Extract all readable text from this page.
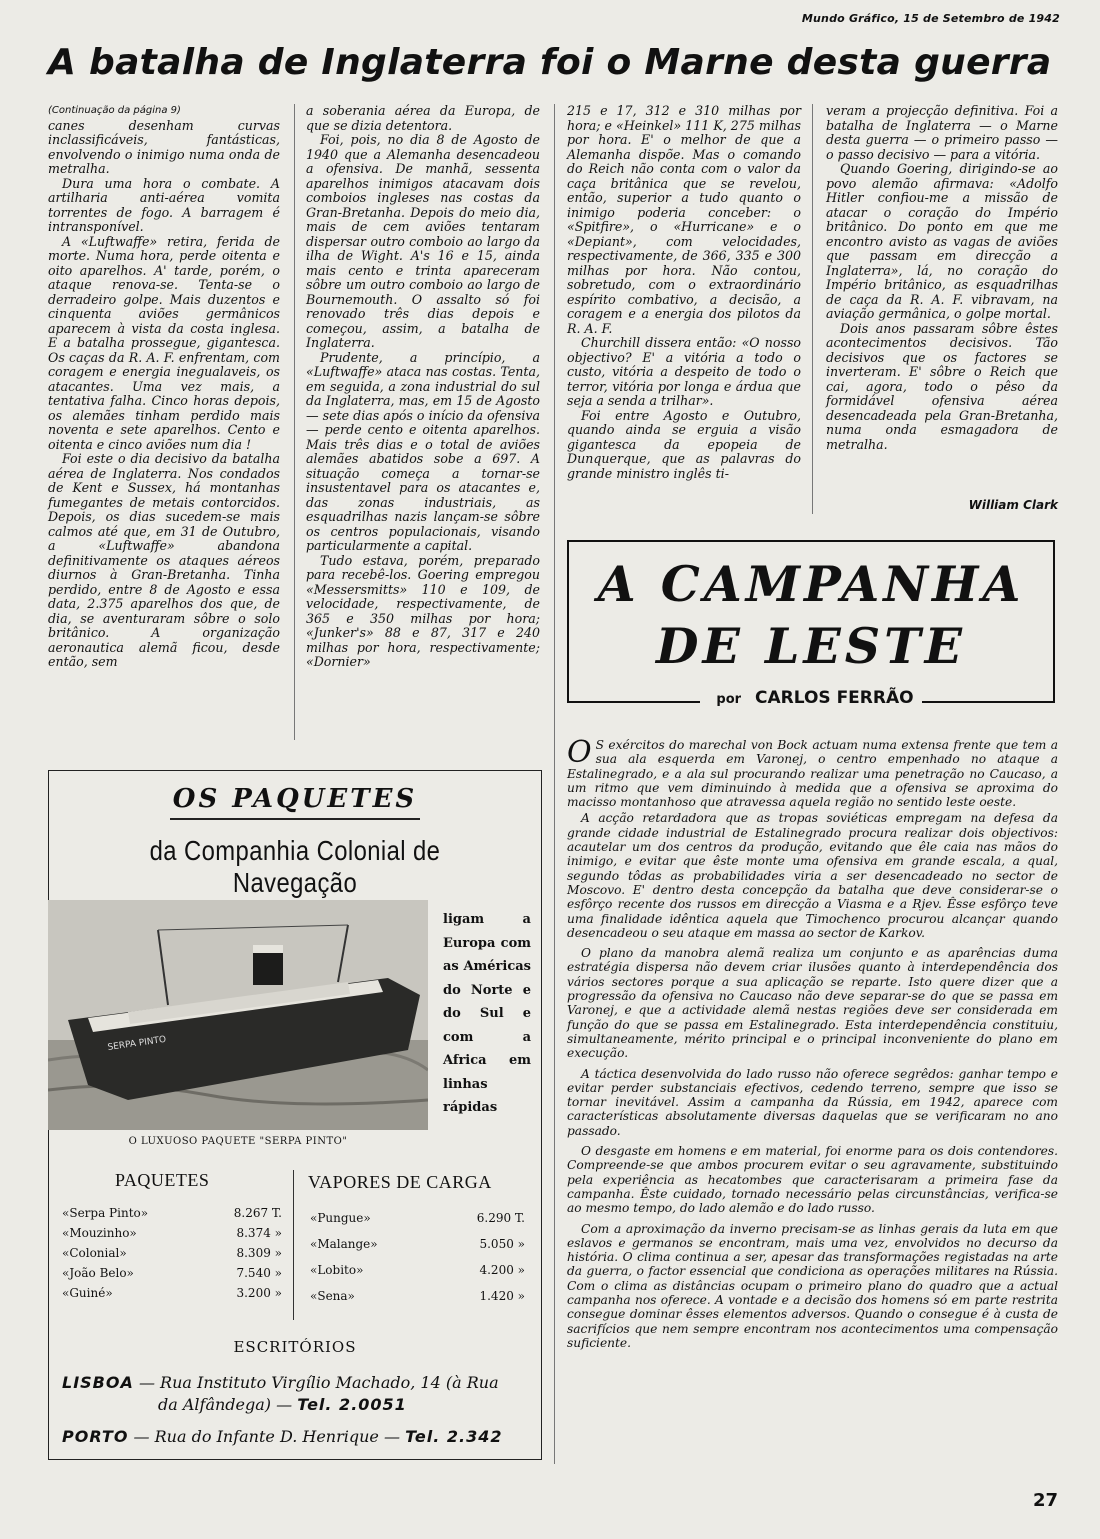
Mundo Gráfico, 15 de Setembro de 1942
A batalha de Inglaterra foi o Marne desta guerra
(Continuação da página 9)

canes desenham curvas inclassificáveis, fantásticas, envolvendo o inimigo numa onda de metralha.

Dura uma hora o combate. A artilharia anti-aérea vomita torrentes de fogo. A barragem é intransponível.

A «Luftwaffe» retira, ferida de morte. Numa hora, perde oitenta e oito aparelhos. A' tarde, porém, o ataque renova-se. Tenta-se o derradeiro golpe. Mais duzentos e cinquenta aviões germânicos aparecem à vista da costa inglesa. E a batalha prossegue, gigantesca. Os caças da R. A. F. enfrentam, com coragem e energia inegualaveis, os atacantes. Uma vez mais, a tentativa falha. Cinco horas depois, os alemães tinham perdido mais noventa e sete aparelhos. Cento e oitenta e cinco aviões num dia !

Foi este o dia decisivo da batalha aérea de Inglaterra. Nos condados de Kent e Sussex, há montanhas fumegantes de metais contorcidos. Depois, os dias sucedem-se mais calmos até que, em 31 de Outubro, a «Luftwaffe» abandona definitivamente os ataques aéreos diurnos à Gran-Bretanha. Tinha perdido, entre 8 de Agosto e essa data, 2.375 aparelhos dos que, de dia, se aventuraram sôbre o solo britânico. A organização aeronautica alemã ficou, desde então, sem

a soberania aérea da Europa, de que se dizia detentora.

Foi, pois, no dia 8 de Agosto de 1940 que a Alemanha desencadeou a ofensiva. De manhã, sessenta aparelhos inimigos atacavam dois comboios ingleses nas costas da Gran-Bretanha. Depois do meio dia, mais de cem aviões tentaram dispersar outro comboio ao largo da ilha de Wight. A's 16 e 15, ainda mais cento e trinta apareceram sôbre um outro comboio ao largo de Bournemouth. O assalto só foi renovado três dias depois e começou, assim, a batalha de Inglaterra.

Prudente, a princípio, a «Luftwaffe» ataca nas costas. Tenta, em seguida, a zona industrial do sul da Inglaterra, mas, em 15 de Agosto — sete dias após o início da ofensiva — perde cento e oitenta aparelhos. Mais três dias e o total de aviões alemães abatidos sobe a 697. A situação começa a tornar-se insustentavel para os atacantes e, das zonas industriais, as esquadrilhas nazis lançam-se sôbre os centros populacionais, visando particularmente a capital.

Tudo estava, porém, preparado para recebê-los. Goering empregou «Messersmitts» 110 e 109, de velocidade, respectivamente, de 365 e 350 milhas por hora; «Junker's» 88 e 87, 317 e 240 milhas por hora, respectivamente; «Dornier»

215 e 17, 312 e 310 milhas por hora; e «Heinkel» 111 K, 275 milhas por hora. E' o melhor de que a Alemanha dispõe. Mas o comando do Reich não conta com o valor da caça britânica que se revelou, então, superior a tudo quanto o inimigo poderia conceber: o «Spitfire», o «Hurricane» e o «Depiant», com velocidades, respectivamente, de 366, 335 e 300 milhas por hora. Não contou, sobretudo, com o extraordinário espírito combativo, a decisão, a coragem e a energia dos pilotos da R. A. F.

Churchill dissera então: «O nosso objectivo? E' a vitória a todo o custo, vitória a despeito de todo o terror, vitória por longa e árdua que seja a senda a trilhar».

Foi entre Agosto e Outubro, quando ainda se erguia a visão gigantesca da epopeia de Dunquerque, que as palavras do grande ministro inglês ti-

veram a projecção definitiva. Foi a batalha de Inglaterra — o Marne desta guerra — o primeiro passo — o passo decisivo — para a vitória.

Quando Goering, dirigindo-se ao povo alemão afirmava: «Adolfo Hitler confiou-me a missão de atacar o coração do Império britânico. Do ponto em que me encontro avisto as vagas de aviões que passam em direcção a Inglaterra», lá, no coração do Império britânico, as esquadrilhas de caça da R. A. F. vibravam, na aviação germânica, o golpe mortal.

Dois anos passaram sôbre êstes acontecimentos decisivos. Tão decisivos que os factores se inverteram. E' sôbre o Reich que cai, agora, todo o pêso da formidável ofensiva aérea desencadeada pela Gran-Bretanha, numa onda esmagadora de metralha.

William Clark
A CAMPANHA
DE LESTE
por CARLOS FERRÃO

O S exércitos do marechal von Bock actuam numa extensa frente que tem a sua ala esquerda em Varonej, o centro empenhado no ataque a Estalinegrado, e a ala sul procurando realizar uma penetração no Caucaso, a um ritmo que vem diminuindo à medida que a ofensiva se aproxima do macisso montanhoso que atravessa aquela região no sentido leste oeste.

A acção retardadora que as tropas soviéticas empregam na defesa da grande cidade industrial de Estalinegrado procura realizar dois objectivos: acautelar um dos centros da produção, evitando que êle caia nas mãos do inimigo, e evitar que êste monte uma ofensiva em grande escala, a qual, segundo tôdas as probabilidades viria a ser desencadeado no sector de Moscovo. E' dentro desta concepção da batalha que deve considerar-se o esfôrço recente dos russos em direcção a Viasma e a Rjev. Êsse esfôrço teve uma finalidade idêntica aquela que Timochenco procurou alcançar quando desencadeou o seu ataque em massa ao sector de Karkov.

O plano da manobra alemã realiza um conjunto e as aparências duma estratégia dispersa não devem criar ilusões quanto à interdependência dos vários sectores porque a sua aplicação se reparte. Isto quere dizer que a progressão da ofensiva no Caucaso não deve separar-se do que se passa em Varonej, e que a actividade alemã nestas regiões deve ser considerada em função do que se passa em Estalinegrado. Esta interdependência constituiu, simultaneamente, mérito principal e o principal inconveniente do plano em execução.

A táctica desenvolvida do lado russo não oferece segrêdos: ganhar tempo e evitar perder substanciais efectivos, cedendo terreno, sempre que isso se tornar inevitável. Assim a campanha da Rússia, em 1942, aparece com características absolutamente diversas daquelas que se verificaram no ano passado.

O desgaste em homens e em material, foi enorme para os dois contendores. Compreende-se que ambos procurem evitar o seu agravamente, substituindo pela experiência as hecatombes que caracterisaram a primeira fase da campanha. Êste cuidado, tornado necessário pelas circunstâncias, verifica-se ao mesmo tempo, do lado alemão e do lado russo.

Com a aproximação da inverno precisam-se as linhas gerais da luta em que eslavos e germanos se encontram, mais uma vez, envolvidos no decurso da história. O clima continua a ser, apesar das transformações registadas na arte da guerra, o factor essencial que condiciona as operações militares na Rússia. Com o clima as distâncias ocupam o primeiro plano do quadro que a actual campanha nos oferece. A vontade e a decisão dos homens só em parte restrita consegue dominar êsses elementos adversos. Quando o consegue é à custa de sacrifícios que nem sempre encontram nos acontecimentos uma compensação suficiente.

OS PAQUETES
da Companhia Colonial de Navegação
SERPA PINTO
ligam a Europa com as Américas do Norte e do Sul e com a Africa em linhas rápidas
O LUXUOSO PAQUETE "SERPA PINTO"
PAQUETES	VAPORES DE CARGA
«Serpa Pinto»	8.267 T.
«Mouzinho»	8.374 »
«Colonial»	8.309 »
«João Belo»	7.540 »
«Guiné»	3.200 »
«Pungue»	6.290 T.
«Malange»	5.050 »
«Lobito»	4.200 »
«Sena»	1.420 »
ESCRITÓRIOS
LISBOA — Rua Instituto Virgílio Machado, 14 (à Rua
da Alfândega) — Tel. 2.0051
PORTO — Rua do Infante D. Henrique — Tel. 2.342
27
